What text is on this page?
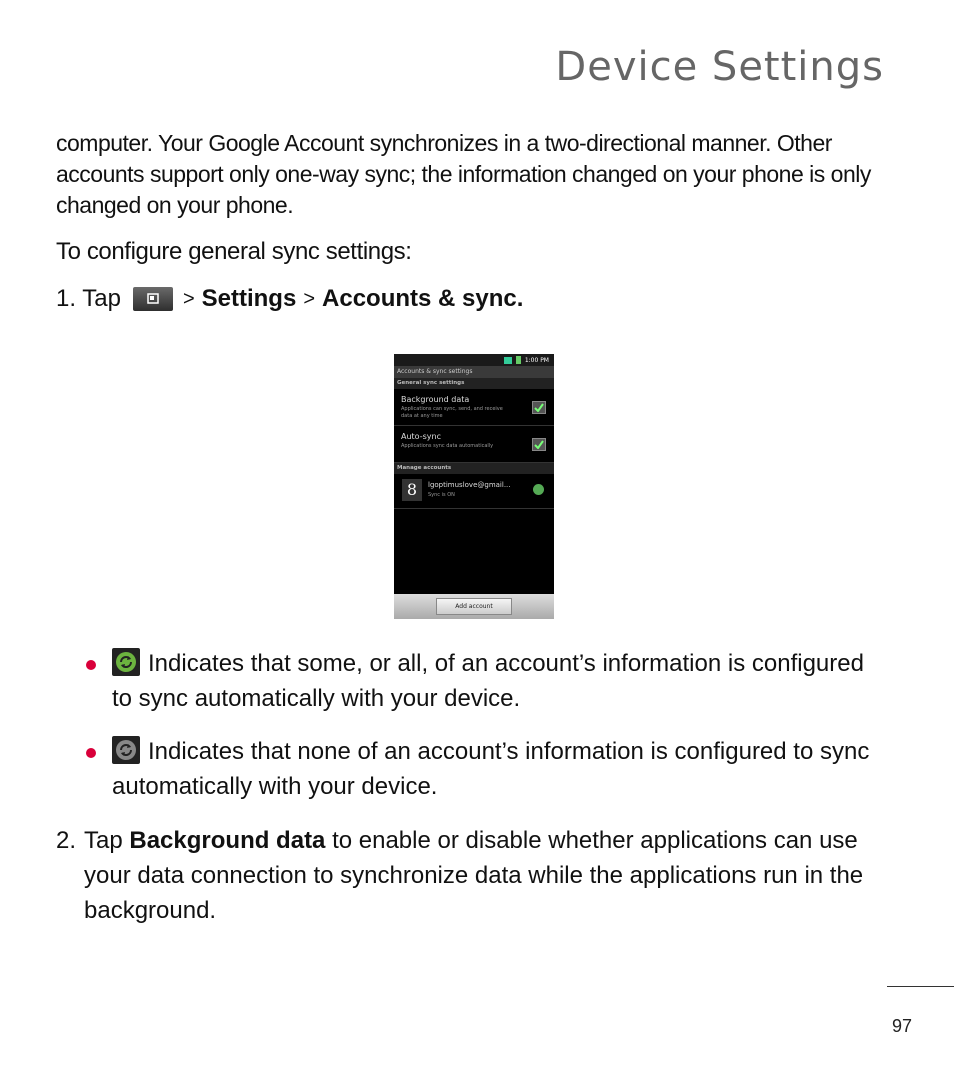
Device Settings
computer. Your Google Account synchronizes in a two-directional manner. Other accounts support only one-way sync; the information changed on your phone is only changed on your phone.
To configure general sync settings:
1. Tap	> Settings > Accounts & sync.
1:00 PM
Accounts & sync settings
General sync settings
Background data
Applications can sync, send, and receive data at any time
Auto-sync
Applications sync data automatically
Manage accounts
8	lgoptimuslove@gmail...
Sync is ON
Add account
Indicates that some, or all, of an account’s information is configured to sync automatically with your device.
Indicates that none of an account’s information is configured to sync automatically with your device.
2. Tap Background data to enable or disable whether applications can use your data connection to synchronize data while the applications run in the background.
97
